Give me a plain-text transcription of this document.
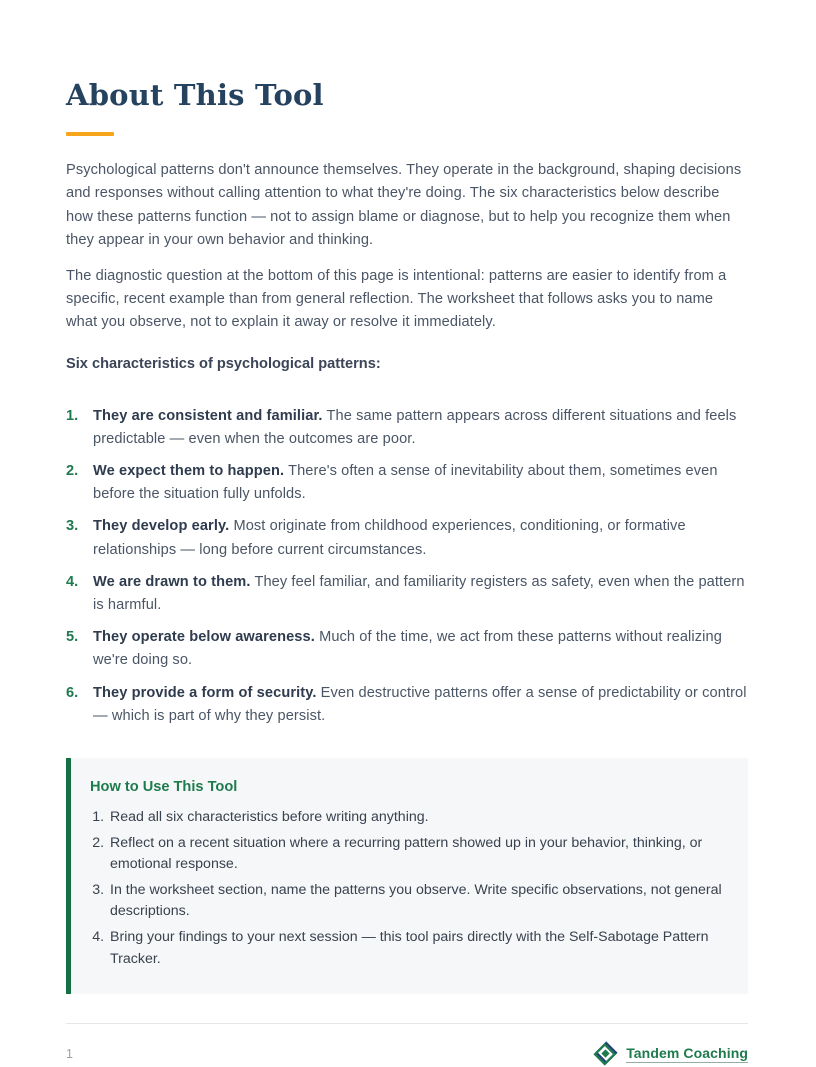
About This Tool

Psychological patterns don't announce themselves. They operate in the background, shaping decisions and responses without calling attention to what they're doing. The six characteristics below describe how these patterns function — not to assign blame or diagnose, but to help you recognize them when they appear in your own behavior and thinking.

The diagnostic question at the bottom of this page is intentional: patterns are easier to identify from a specific, recent example than from general reflection. The worksheet that follows asks you to name what you observe, not to explain it away or resolve it immediately.

Six characteristics of psychological patterns:
1.	They are consistent and familiar. The same pattern appears across different situations and feels predictable — even when the outcomes are poor.
2.	We expect them to happen. There's often a sense of inevitability about them, sometimes even before the situation fully unfolds.
3.	They develop early. Most originate from childhood experiences, conditioning, or formative relationships — long before current circumstances.
4.	We are drawn to them. They feel familiar, and familiarity registers as safety, even when the pattern is harmful.
5.	They operate below awareness. Much of the time, we act from these patterns without realizing we're doing so.
6.	They provide a form of security. Even destructive patterns offer a sense of predictability or control — which is part of why they persist.
How to Use This Tool
1. Read all six characteristics before writing anything.
2. Reflect on a recent situation where a recurring pattern showed up in your behavior, thinking, or emotional response.
3. In the worksheet section, name the patterns you observe. Write specific observations, not general descriptions.
4. Bring your findings to your next session — this tool pairs directly with the Self-Sabotage Pattern Tracker.
1	Tandem Coaching
